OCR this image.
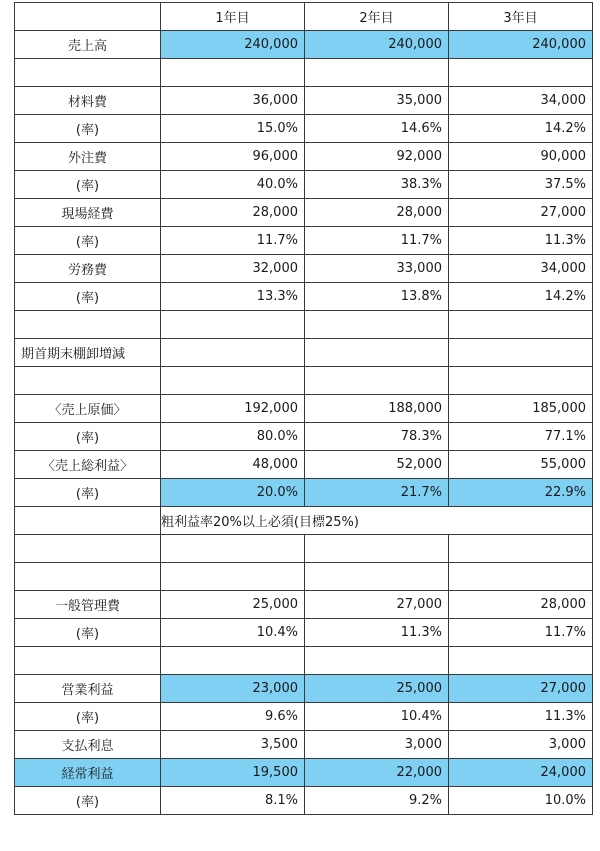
	1年目	2年目	3年目
売上高	240,000	240,000	240,000

材料費	36,000	35,000	34,000
(率)	15.0%	14.6%	14.2%
外注費	96,000	92,000	90,000
(率)	40.0%	38.3%	37.5%
現場経費	28,000	28,000	27,000
(率)	11.7%	11.7%	11.3%
労務費	32,000	33,000	34,000
(率)	13.3%	13.8%	14.2%

期首期末棚卸増減			

〈売上原価〉	192,000	188,000	185,000
(率)	80.0%	78.3%	77.1%
〈売上総利益〉	48,000	52,000	55,000
(率)	20.0%	21.7%	22.9%
	粗利益率20%以上必須(目標25%)		

一般管理費	25,000	27,000	28,000
(率)	10.4%	11.3%	11.7%

営業利益	23,000	25,000	27,000
(率)	9.6%	10.4%	11.3%
支払利息	3,500	3,000	3,000
経常利益	19,500	22,000	24,000
(率)	8.1%	9.2%	10.0%
